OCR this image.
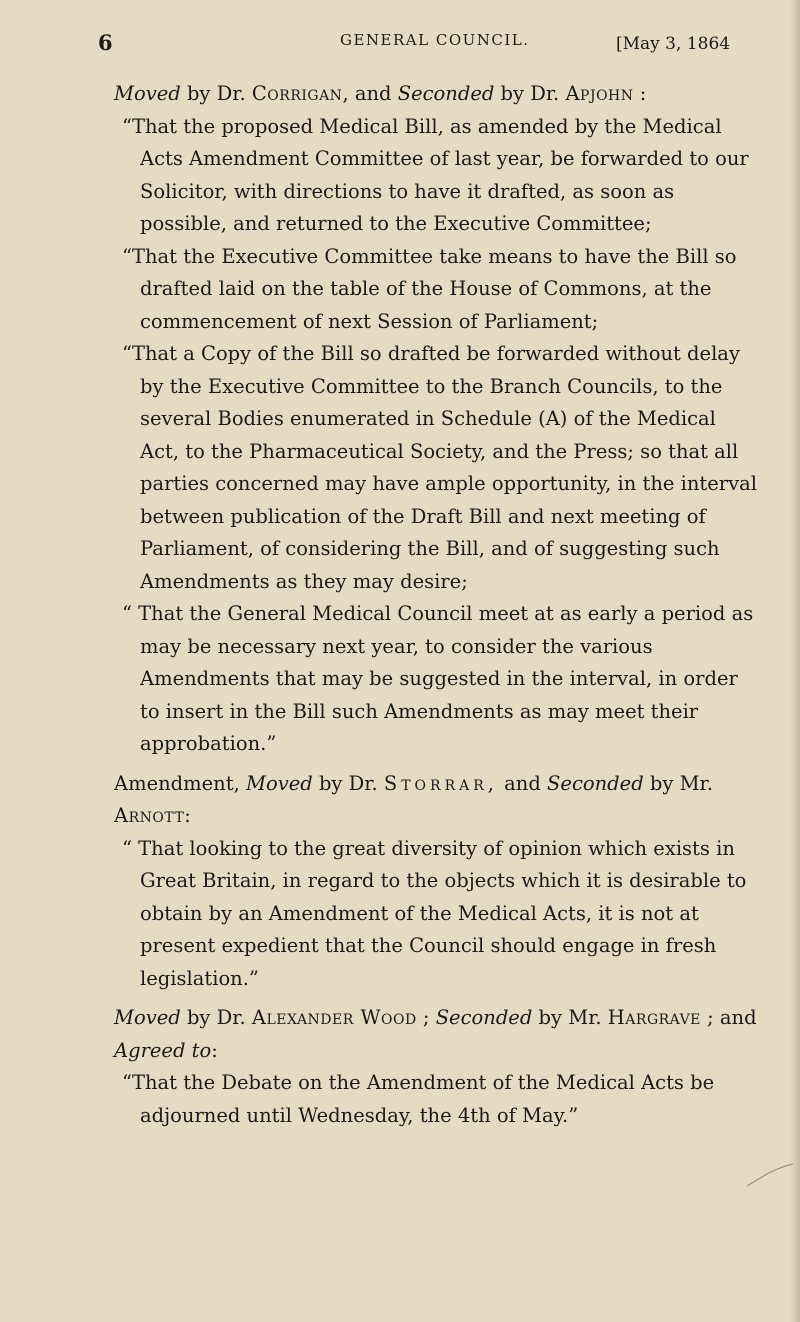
6	GENERAL COUNCIL.	[May 3, 1864

Moved by Dr. Corrigan, and Seconded by Dr. Apjohn :

“That the proposed Medical Bill, as amended by the Medical Acts Amendment Committee of last year, be forwarded to our Solicitor, with directions to have it drafted, as soon as possible, and returned to the Executive Committee;

“That the Executive Committee take means to have the Bill so drafted laid on the table of the House of Commons, at the commencement of next Session of Parliament;

“That a Copy of the Bill so drafted be forwarded without delay by the Executive Committee to the Branch Councils, to the several Bodies enumerated in Schedule (A) of the Medical Act, to the Pharmaceutical Society, and the Press; so that all parties concerned may have ample opportunity, in the interval between publication of the Draft Bill and next meeting of Parliament, of considering the Bill, and of suggesting such Amendments as they may desire;

“ That the General Medical Council meet at as early a period as may be necessary next year, to consider the various Amendments that may be suggested in the interval, in order to insert in the Bill such Amendments as may meet their approbation.”

Amendment, Moved by Dr. Storrar, and Seconded by Mr. Arnott:

“ That looking to the great diversity of opinion which exists in Great Britain, in regard to the objects which it is desirable to obtain by an Amendment of the Medical Acts, it is not at present expedient that the Council should engage in fresh legislation.”

Moved by Dr. Alexander Wood ; Seconded by Mr. Hargrave ; and Agreed to:

“That the Debate on the Amendment of the Medical Acts be adjourned until Wednesday, the 4th of May.”
